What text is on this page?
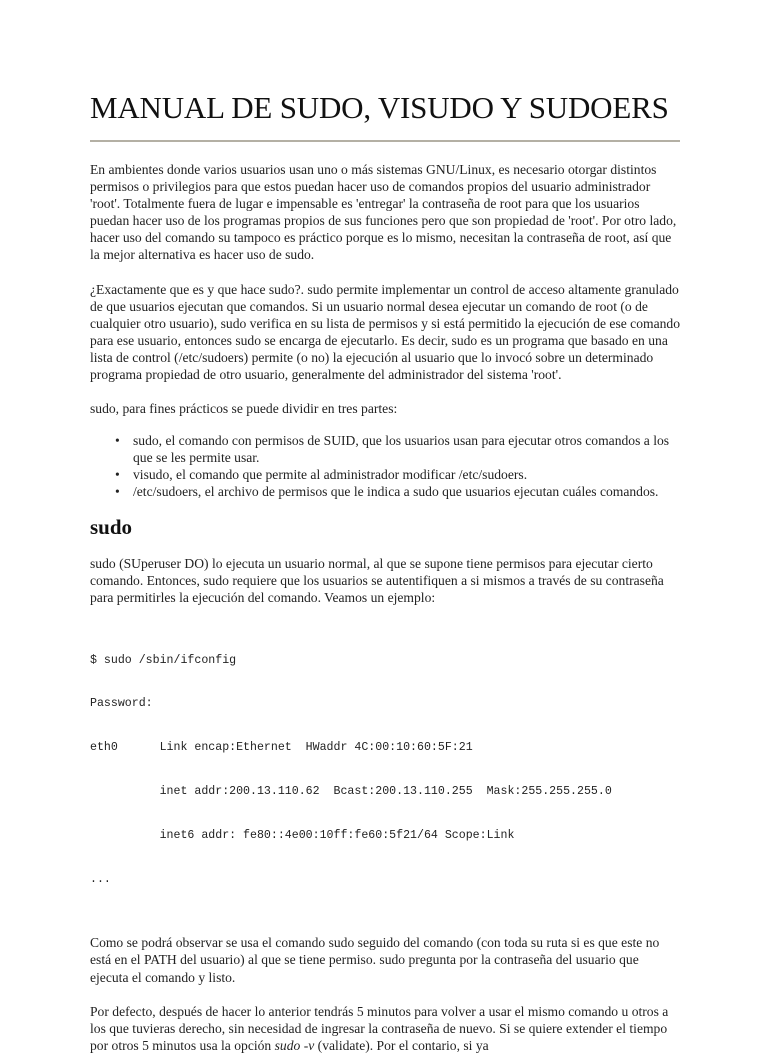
MANUAL DE SUDO, VISUDO Y SUDOERS

En ambientes donde varios usuarios usan uno o más sistemas GNU/Linux, es necesario otorgar distintos permisos o privilegios para que estos puedan hacer uso de comandos propios del usuario administrador 'root'. Totalmente fuera de lugar e impensable es 'entregar' la contraseña de root para que los usuarios puedan hacer uso de los programas propios de sus funciones pero que son propiedad de 'root'. Por otro lado, hacer uso del comando su tampoco es práctico porque es lo mismo, necesitan la contraseña de root, así que la mejor alternativa es hacer uso de sudo.

¿Exactamente que es y que hace sudo?. sudo permite implementar un control de acceso altamente granulado de que usuarios ejecutan que comandos. Si un usuario normal desea ejecutar un comando de root (o de cualquier otro usuario), sudo verifica en su lista de permisos y si está permitido la ejecución de ese comando para ese usuario, entonces sudo se encarga de ejecutarlo. Es decir, sudo es un programa que basado en una lista de control (/etc/sudoers) permite (o no) la ejecución al usuario que lo invocó sobre un determinado programa propiedad de otro usuario, generalmente del administrador del sistema 'root'.

sudo, para fines prácticos se puede dividir en tres partes:

• sudo, el comando con permisos de SUID, que los usuarios usan para ejecutar otros comandos a los que se les permite usar.
• visudo, el comando que permite al administrador modificar /etc/sudoers.
• /etc/sudoers, el archivo de permisos que le indica a sudo que usuarios ejecutan cuáles comandos.
sudo

sudo (SUperuser DO) lo ejecuta un usuario normal, al que se supone tiene permisos para ejecutar cierto comando. Entonces, sudo requiere que los usuarios se autentifiquen a si mismos a través de su contraseña para permitirles la ejecución del comando. Veamos un ejemplo:

$ sudo /sbin/ifconfig

Password:

eth0      Link encap:Ethernet  HWaddr 4C:00:10:60:5F:21

inet addr:200.13.110.62  Bcast:200.13.110.255  Mask:255.255.255.0

inet6 addr: fe80::4e00:10ff:fe60:5f21/64 Scope:Link

...

Como se podrá observar se usa el comando sudo seguido del comando (con toda su ruta si es que este no está en el PATH del usuario) al que se tiene permiso. sudo pregunta por la contraseña del usuario que ejecuta el comando y listo.

Por defecto, después de hacer lo anterior tendrás 5 minutos para volver a usar el mismo comando u otros a los que tuvieras derecho, sin necesidad de ingresar la contraseña de nuevo. Si se quiere extender el tiempo por otros 5 minutos usa la opción sudo -v (validate). Por el contario, si ya
